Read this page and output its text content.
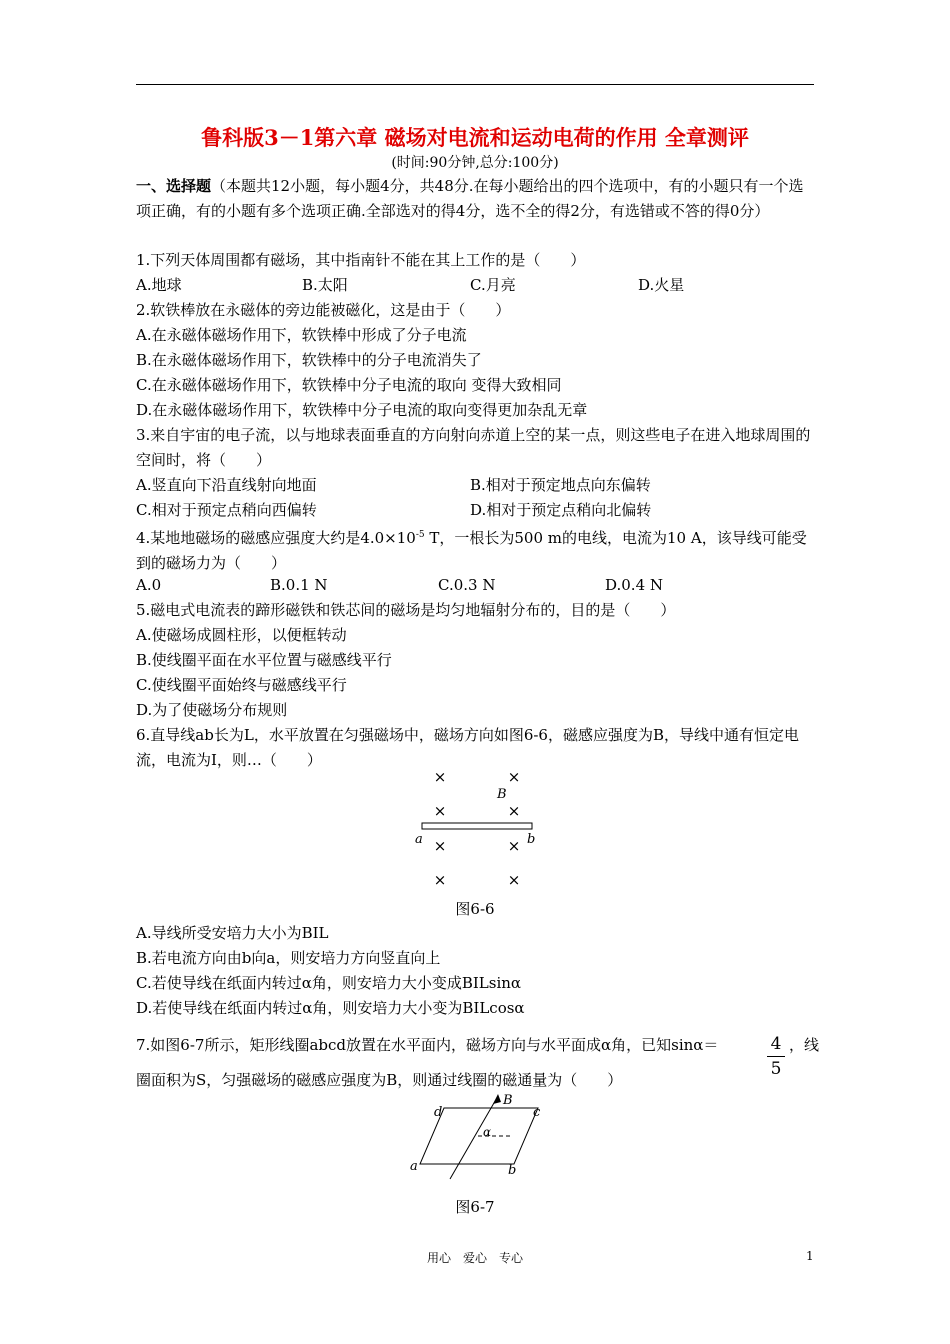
鲁科版3－1第六章 磁场对电流和运动电荷的作用 全章测评
(时间:90分钟,总分:100分)
一、选择题（本题共12小题，每小题4分，共48分.在每小题给出的四个选项中，有的小题只有一个选项正确，有的小题有多个选项正确.全部选对的得4分，选不全的得2分，有选错或不答的得0分）
1.下列天体周围都有磁场，其中指南针不能在其上工作的是（　　）
A.地球	B.太阳	C.月亮	D.火星
2.软铁棒放在永磁体的旁边能被磁化，这是由于（　　）
A.在永磁体磁场作用下，软铁棒中形成了分子电流
B.在永磁体磁场作用下，软铁棒中的分子电流消失了
C.在永磁体磁场作用下，软铁棒中分子电流的取向 变得大致相同
D.在永磁体磁场作用下，软铁棒中分子电流的取向变得更加杂乱无章
3.来自宇宙的电子流，以与地球表面垂直的方向射向赤道上空的某一点，则这些电子在进入地球周围的空间时，将（　　）
A.竖直向下沿直线射向地面	B.相对于预定地点向东偏转
C.相对于预定点稍向西偏转	D.相对于预定点稍向北偏转
4.某地地磁场的磁感应强度大约是$4.0\times 10^{-5}$ T，一根长为500 m的电线，电流为10 A，该导线可能受到的磁场力为（　　）
A.0	B.0.1 N	C.0.3 N	D.0.4 N
5.磁电式电流表的蹄形磁铁和铁芯间的磁场是均匀地辐射分布的，目的是（　　）
A.使磁场成圆柱形，以便框转动
B.使线圈平面在水平位置与磁感线平行
C.使线圈平面始终与磁感线平行
D.为了使磁场分布规则
6.直导线ab长为L，水平放置在匀强磁场中，磁场方向如图6-6，磁感应强度为B，导线中通有恒定电流，电流为I，则…（　　）
×	×
×	×
×	×
×	×
B
a	b
图6-6
A.导线所受安培力大小为BIL
B.若电流方向由b向a，则安培力方向竖直向上
C.若使导线在纸面内转过α角，则安培力大小变成BILsinα
D.若使导线在纸面内转过α角，则安培力大小变为BILcosα
7.如图6-7所示，矩形线圈abcd放置在水平面内，磁场方向与水平面成α角，已知sinα＝	4
5
，线
圈面积为S，匀强磁场的磁感应强度为B，则通过线圈的磁通量为（　　）
d	c
a	b
B
α
图6-7
用心　爱心　专心	1
